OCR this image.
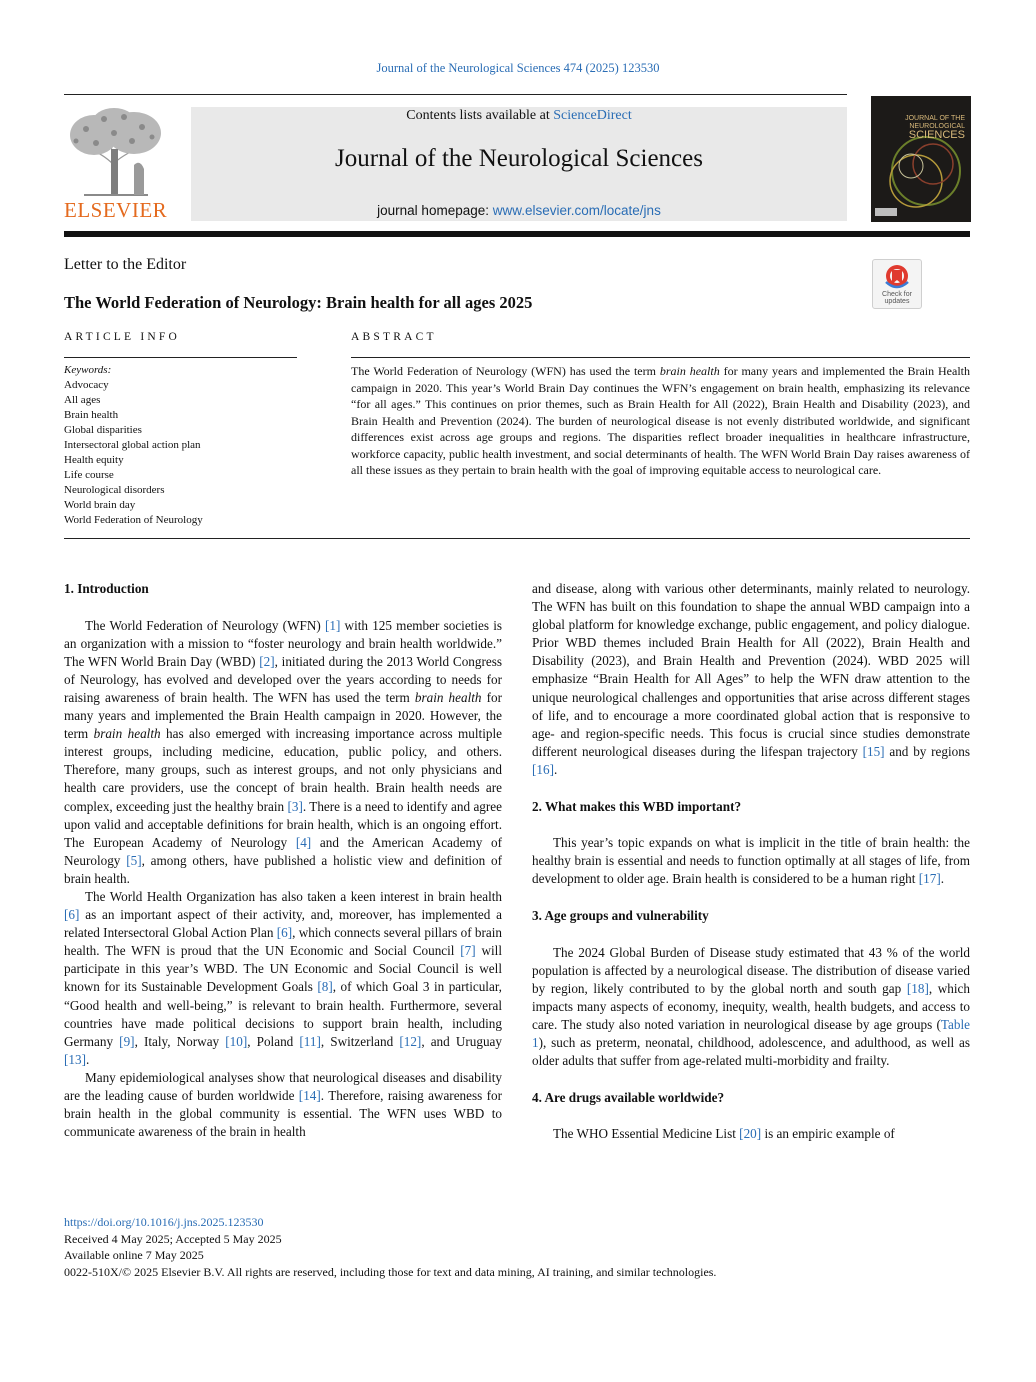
Journal of the Neurological Sciences 474 (2025) 123530
ELSEVIER
Contents lists available at ScienceDirect
Journal of the Neurological Sciences
journal homepage: www.elsevier.com/locate/jns
JOURNAL OF THE
NEUROLOGICAL
SCIENCES
Letter to the Editor
The World Federation of Neurology: Brain health for all ages 2025	Check for
updates
ARTICLE INFO	ABSTRACT
Keywords:
Advocacy
All ages
Brain health
Global disparities
Intersectoral global action plan
Health equity
Life course
Neurological disorders
World brain day
World Federation of Neurology
The World Federation of Neurology (WFN) has used the term brain health for many years and implemented the Brain Health campaign in 2020. This year’s World Brain Day continues the WFN’s engagement on brain health, emphasizing its relevance “for all ages.” This continues on prior themes, such as Brain Health for All (2022), Brain Health and Disability (2023), and Brain Health and Prevention (2024). The burden of neurological disease is not evenly distributed worldwide, and significant differences exist across age groups and regions. The disparities reflect broader inequalities in healthcare infrastructure, workforce capacity, public health investment, and social determinants of health. The WFN World Brain Day raises awareness of all these issues as they pertain to brain health with the goal of improving equitable access to neurological care.
1. Introduction

The World Federation of Neurology (WFN) [1] with 125 member societies is an organization with a mission to “foster neurology and brain health worldwide.” The WFN World Brain Day (WBD) [2], initiated during the 2013 World Congress of Neurology, has evolved and developed over the years according to needs for raising awareness of brain health. The WFN has used the term brain health for many years and implemented the Brain Health campaign in 2020. However, the term brain health has also emerged with increasing importance across multiple interest groups, including medicine, education, public policy, and others. Therefore, many groups, such as interest groups, and not only physicians and health care providers, use the concept of brain health. Brain health needs are complex, exceeding just the healthy brain [3]. There is a need to identify and agree upon valid and acceptable definitions for brain health, which is an ongoing effort. The European Academy of Neurology [4] and the American Academy of Neurology [5], among others, have published a holistic view and definition of brain health.

The World Health Organization has also taken a keen interest in brain health [6] as an important aspect of their activity, and, moreover, has implemented a related Intersectoral Global Action Plan [6], which connects several pillars of brain health. The WFN is proud that the UN Economic and Social Council [7] will participate in this year’s WBD. The UN Economic and Social Council is well known for its Sustainable Development Goals [8], of which Goal 3 in particular, “Good health and well-being,” is relevant to brain health. Furthermore, several countries have made political decisions to support brain health, including Germany [9], Italy, Norway [10], Poland [11], Switzerland [12], and Uruguay [13].

Many epidemiological analyses show that neurological diseases and disability are the leading cause of burden worldwide [14]. Therefore, raising awareness for brain health in the global community is essential. The WFN uses WBD to communicate awareness of the brain in health

and disease, along with various other determinants, mainly related to neurology. The WFN has built on this foundation to shape the annual WBD campaign into a global platform for knowledge exchange, public engagement, and policy dialogue. Prior WBD themes included Brain Health for All (2022), Brain Health and Disability (2023), and Brain Health and Prevention (2024). WBD 2025 will emphasize “Brain Health for All Ages” to help the WFN draw attention to the unique neurological challenges and opportunities that arise across different stages of life, and to encourage a more coordinated global action that is responsive to age- and region-specific needs. This focus is crucial since studies demonstrate different neurological diseases during the lifespan trajectory [15] and by regions [16].

2. What makes this WBD important?

This year’s topic expands on what is implicit in the title of brain health: the healthy brain is essential and needs to function optimally at all stages of life, from development to older age. Brain health is considered to be a human right [17].

3. Age groups and vulnerability

The 2024 Global Burden of Disease study estimated that 43 % of the world population is affected by a neurological disease. The distribution of disease varied by region, likely contributed to by the global north and south gap [18], which impacts many aspects of economy, inequity, wealth, health budgets, and access to care. The study also noted variation in neurological disease by age groups (Table 1), such as preterm, neonatal, childhood, adolescence, and adulthood, as well as older adults that suffer from age-related multi-morbidity and frailty.

4. Are drugs available worldwide?

The WHO Essential Medicine List [20] is an empiric example of

https://doi.org/10.1016/j.jns.2025.123530
Received 4 May 2025; Accepted 5 May 2025
Available online 7 May 2025
0022-510X/© 2025 Elsevier B.V. All rights are reserved, including those for text and data mining, AI training, and similar technologies.
